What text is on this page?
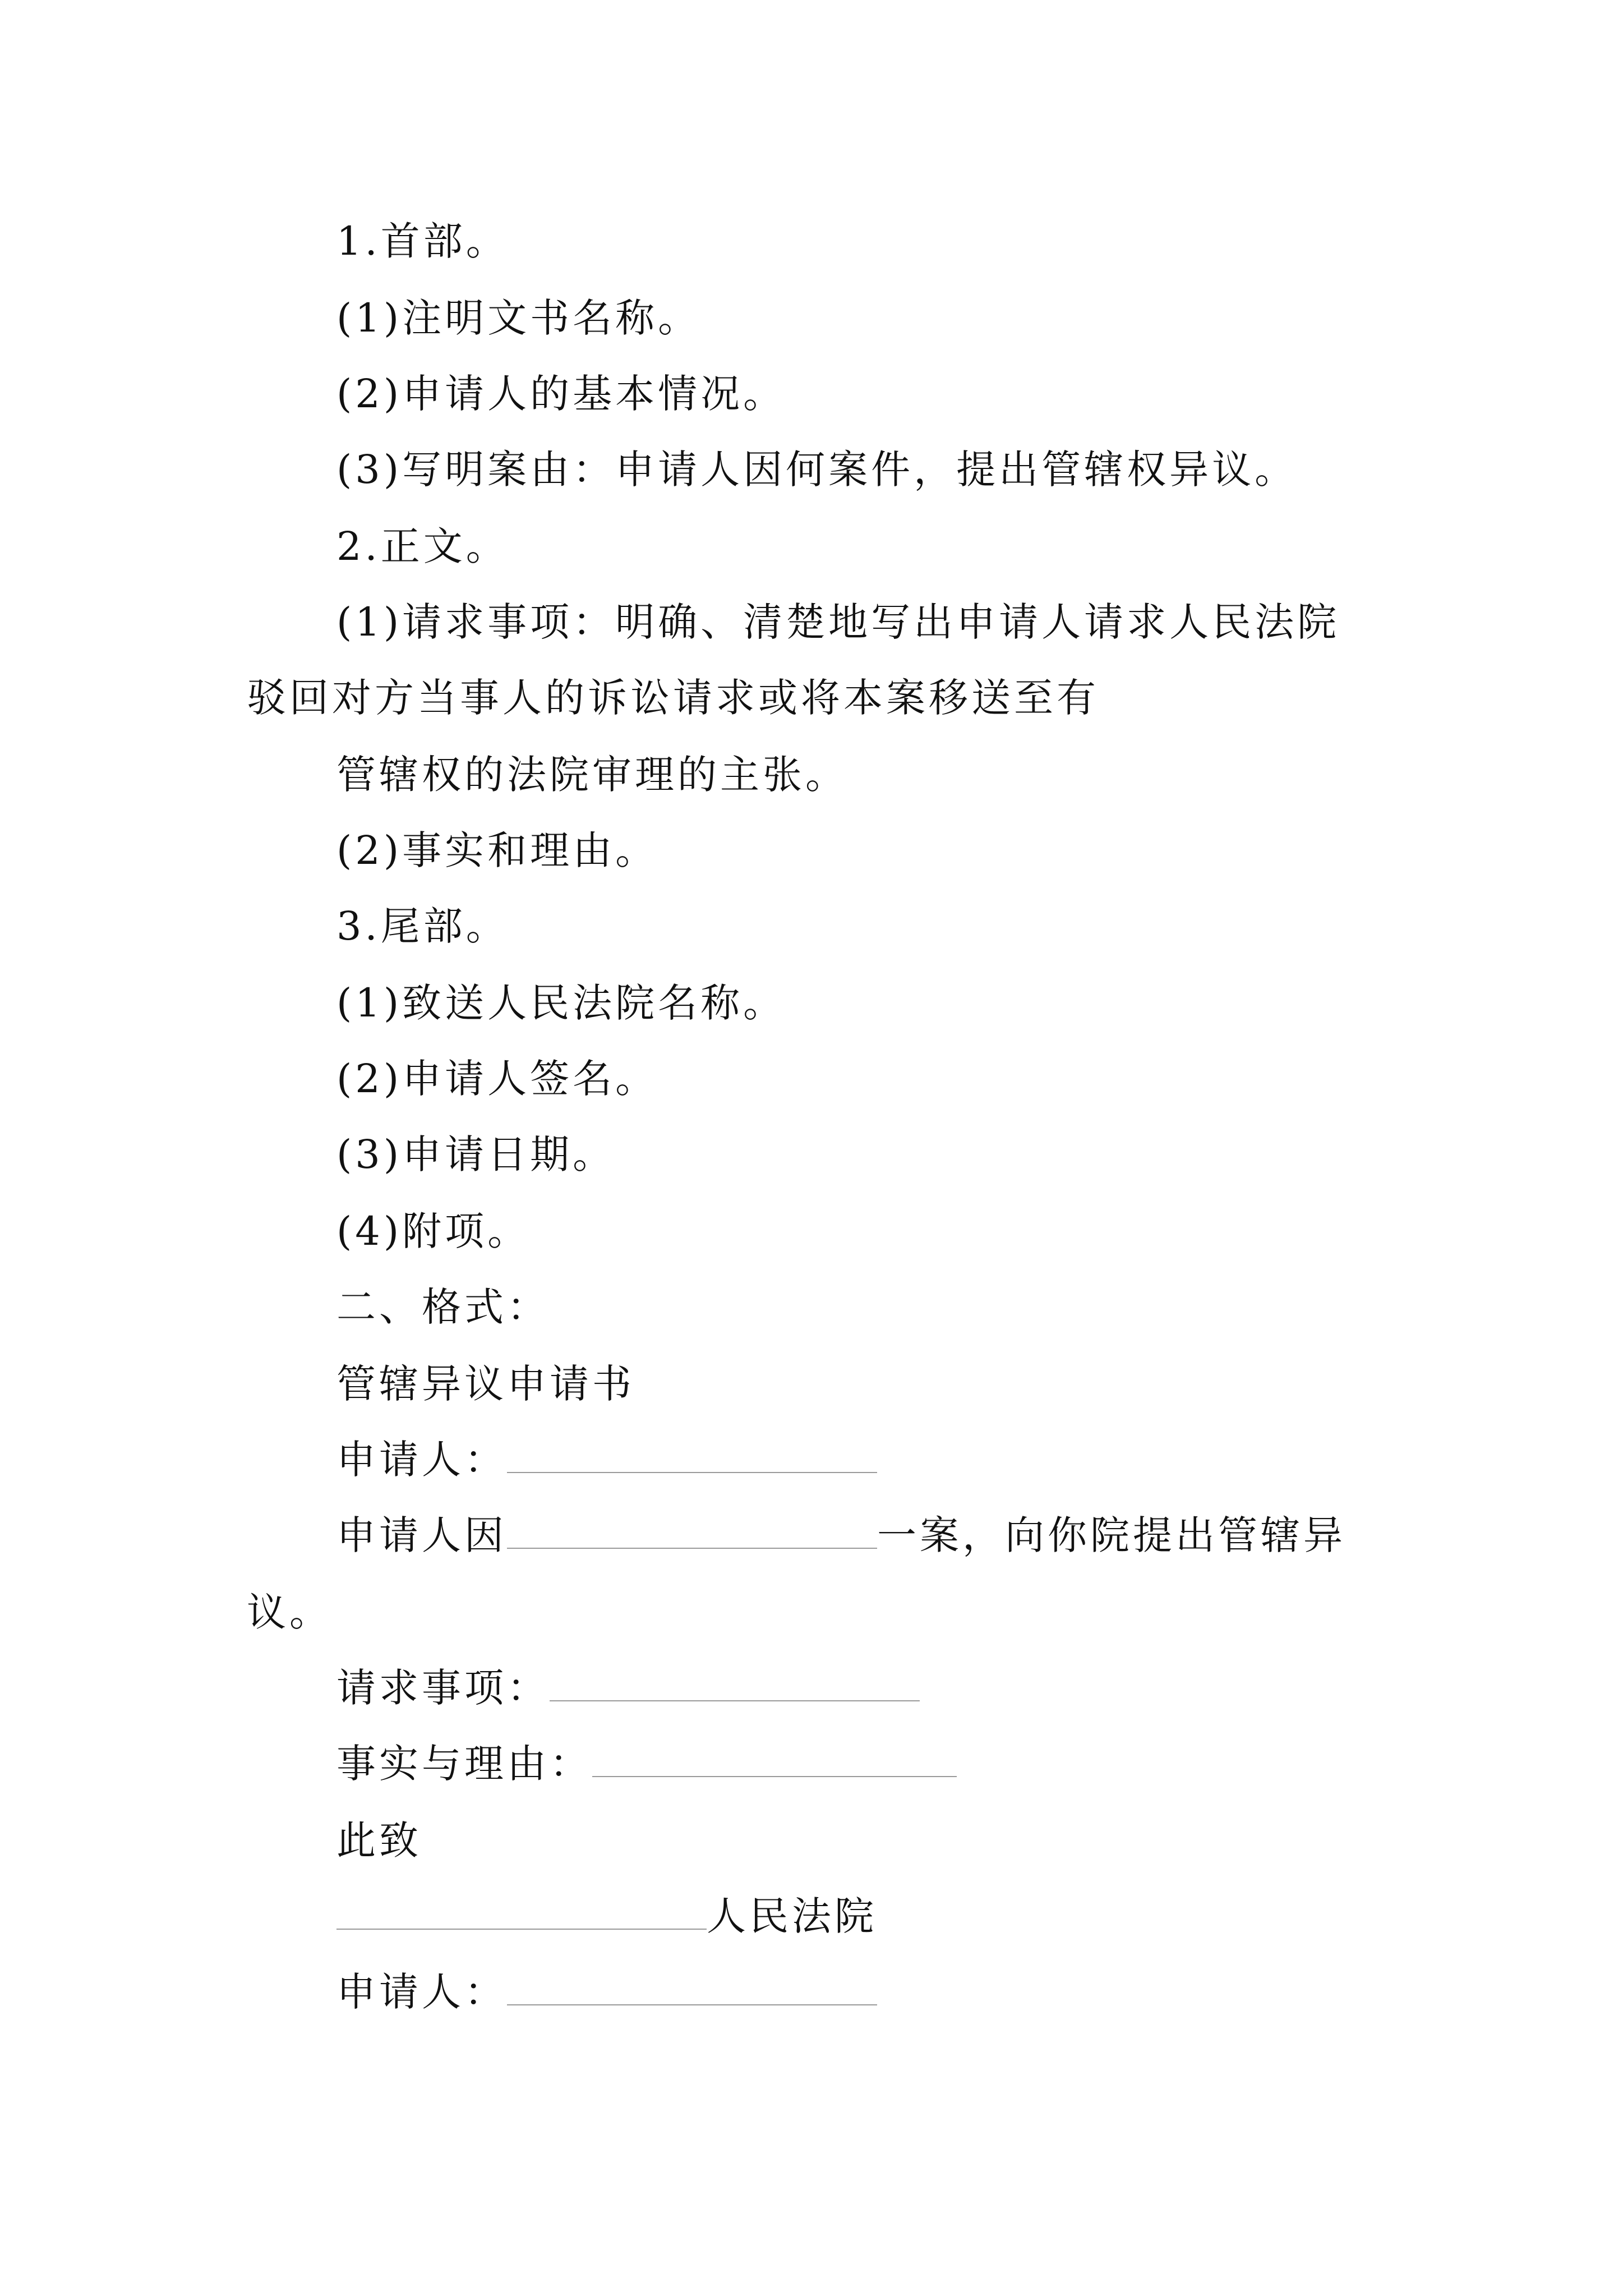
1.首部。
(1)注明文书名称。
(2)申请人的基本情况。
(3)写明案由：申请人因何案件，提出管辖权异议。
2.正文。
(1)请求事项：明确、清楚地写出申请人请求人民法院
驳回对方当事人的诉讼请求或将本案移送至有
管辖权的法院审理的主张。
(2)事实和理由。
3.尾部。
(1)致送人民法院名称。
(2)申请人签名。
(3)申请日期。
(4)附项。
二、格式：
管辖异议申请书
申请人：
申请人因	一案，向你院提出管辖异
议。
请求事项：
事实与理由：
此致
人民法院
申请人：
